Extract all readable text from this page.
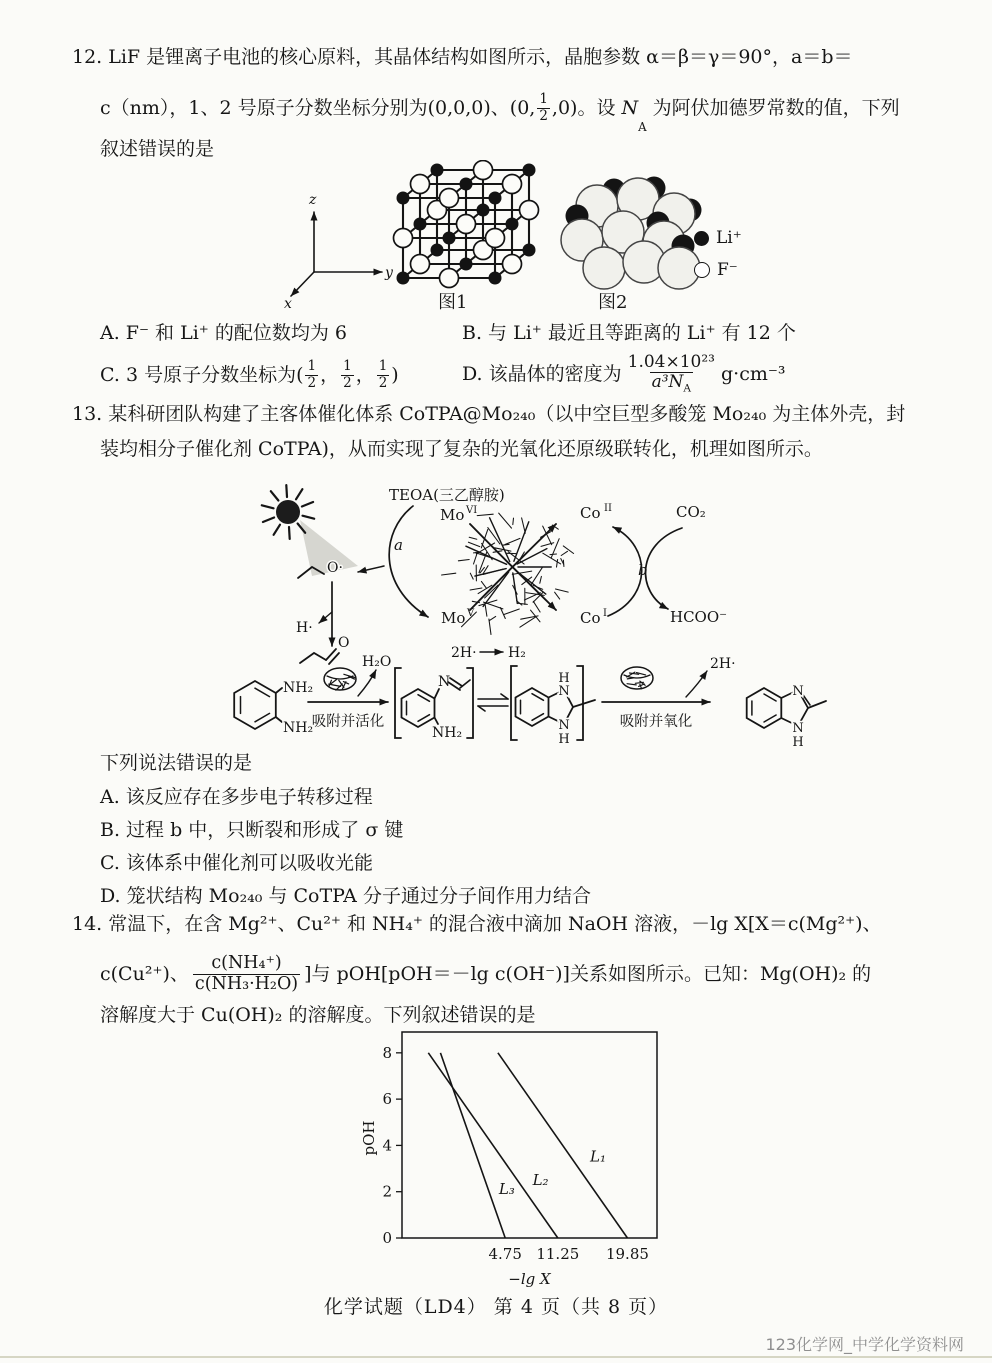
12. LiF 是锂离子电池的核心原料，其晶体结构如图所示，晶胞参数 α＝β＝γ＝90°，a＝b＝
c（nm），1、2 号原子分数坐标分别为(0,0,0)、(0, $\frac{1}{2} ,0$)。设 N
A
为阿伏加德罗常数的值，下列
叙述错误的是
z
y
x	图1	图2
Li⁺
F⁻
A. F⁻ 和 Li⁺ 的配位数均为 6	B. 与 Li⁺ 最近且等距离的 Li⁺ 有 12 个
C. 3 号原子分数坐标为( $\frac{1}{2}$ ， $\frac{1}{2}$ ， $\frac{1}{2}$ )	D. 该晶体的密度为 $\frac{\text{1.04×10²³}}{a^3N_A} g\cdot cm^{-3}$
13. 某科研团队构建了主客体催化体系 CoTPA@Mo₂₄₀（以中空巨型多酸笼 Mo₂₄₀ 为主体外壳，封
装均相分子催化剂 CoTPA)，从而实现了复杂的光氧化还原级联转化，机理如图所示。
TEOA(三乙醇胺)
a
Mo VI
Mo V
O·
H·
O
Co II
Co I
b
CO₂
HCOO⁻
2H· H₂
NH₂
NH₂
吸附并活化
H₂O
N
NH₂
N
H
N
H
吸附并氧化
2H·
N
N
H
下列说法错误的是
A. 该反应存在多步电子转移过程
B. 过程 b 中，只断裂和形成了 σ 键
C. 该体系中催化剂可以吸收光能
D. 笼状结构 Mo₂₄₀ 与 CoTPA 分子通过分子间作用力结合
14. 常温下，在含 Mg²⁺、Cu²⁺ 和 NH₄⁺ 的混合液中滴加 NaOH 溶液，－lg X[X＝c(Mg²⁺)、
c(Cu²⁺)、 $\frac{\text{c(NH₄⁺)}}{\text{c(NH₃·H₂O)}}$ ]与 pOH[pOH＝－lg c(OH⁻)]关系如图所示。已知：Mg(OH)₂ 的
溶解度大于 Cu(OH)₂ 的溶解度。下列叙述错误的是
0
2
4
6
8
4.75 11.25 19.85
L₁
L₂
L₃
pOH
−lg X
化学试题（LD4） 第 4 页（共 8 页）
123化学网_中学化学资料网
